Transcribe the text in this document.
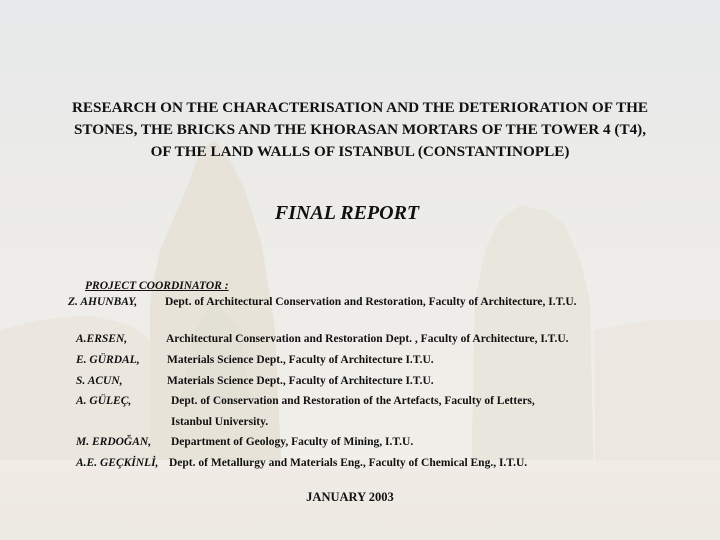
RESEARCH ON THE CHARACTERISATION AND THE DETERIORATION OF THE
STONES, THE BRICKS AND THE KHORASAN MORTARS OF THE TOWER 4 (T4),
OF THE LAND WALLS OF ISTANBUL (CONSTANTINOPLE)
FINAL REPORT
PROJECT COORDINATOR :
Z. AHUNBAY, Dept. of Architectural Conservation and Restoration, Faculty of Architecture, I.T.U.
A.ERSEN,	Architectural Conservation and Restoration Dept. , Faculty of Architecture, I.T.U.
E. GÜRDAL, Materials Science Dept., Faculty of Architecture I.T.U.
S. ACUN,	Materials Science Dept., Faculty of Architecture I.T.U.
A. GÜLEÇ,	Dept. of Conservation and Restoration of the Artefacts, Faculty of Letters,
Istanbul University.
M. ERDOĞAN, Department of Geology, Faculty of Mining, I.T.U.
A.E. GEÇKİNLİ, Dept. of Metallurgy and Materials Eng., Faculty of Chemical Eng., I.T.U.
JANUARY 2003
